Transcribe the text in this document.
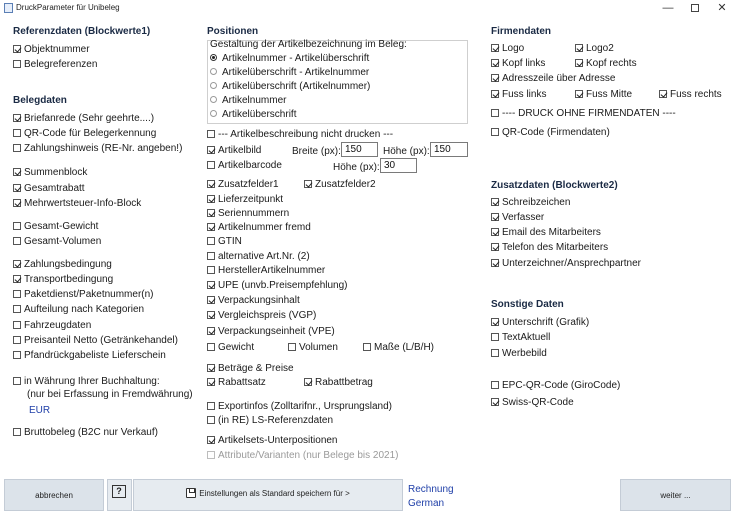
DruckParameter für Unibeleg	—	✕
Referenzdaten (Blockwerte1)
Objektnummer
Belegreferenzen
Belegdaten
Briefanrede (Sehr geehrte....)
QR-Code für Belegerkennung
Zahlungshinweis (RE-Nr. angeben!)
Summenblock
Gesamtrabatt
Mehrwertsteuer-Info-Block
Gesamt-Gewicht
Gesamt-Volumen
Zahlungsbedingung
Transportbedingung
Paketdienst/Paketnummer(n)
Aufteilung nach Kategorien
Fahrzeugdaten
Preisanteil Netto (Getränkehandel)
Pfandrückgabeliste Lieferschein
in Währung Ihrer Buchhaltung:
(nur bei Erfassung in Fremdwährung)
EUR
Bruttobeleg (B2C nur Verkauf)
Positionen
Gestaltung der Artikelbezeichnung im Beleg:
Artikelnummer - Artikelüberschrift
Artikelüberschrift - Artikelnummer
Artikelüberschrift (Artikelnummer)
Artikelnummer
Artikelüberschrift
--- Artikelbeschreibung nicht drucken ---
Artikelbild	Breite (px): 150	Höhe (px): 150
Artikelbarcode	Höhe (px): 30
Zusatzfelder1	Zusatzfelder2
Lieferzeitpunkt
Seriennummern
Artikelnummer fremd
GTIN
alternative Art.Nr. (2)
HerstellerArtikelnummer
UPE (unvb.Preisempfehlung)
Verpackungsinhalt
Vergleichspreis (VGP)
Verpackungseinheit (VPE)
Gewicht	Volumen	Maße (L/B/H)
Beträge & Preise
Rabattsatz	Rabattbetrag
Exportinfos (Zolltarifnr., Ursprungsland)
(in RE) LS-Referenzdaten
Artikelsets-Unterpositionen
Attribute/Varianten (nur Belege bis 2021)
Firmendaten
Logo	Logo2
Kopf links	Kopf rechts
Adresszeile über Adresse
Fuss links	Fuss Mitte	Fuss rechts
---- DRUCK OHNE FIRMENDATEN ----
QR-Code (Firmendaten)
Zusatzdaten (Blockwerte2)
Schreibzeichen
Verfasser
Email des Mitarbeiters
Telefon des Mitarbeiters
Unterzeichner/Ansprechpartner
Sonstige Daten
Unterschrift (Grafik)
TextAktuell
Werbebild
EPC-QR-Code (GiroCode)
Swiss-QR-Code
abbrechen	?	Einstellungen als Standard speichern für >	Rechnung
German
weiter ...
